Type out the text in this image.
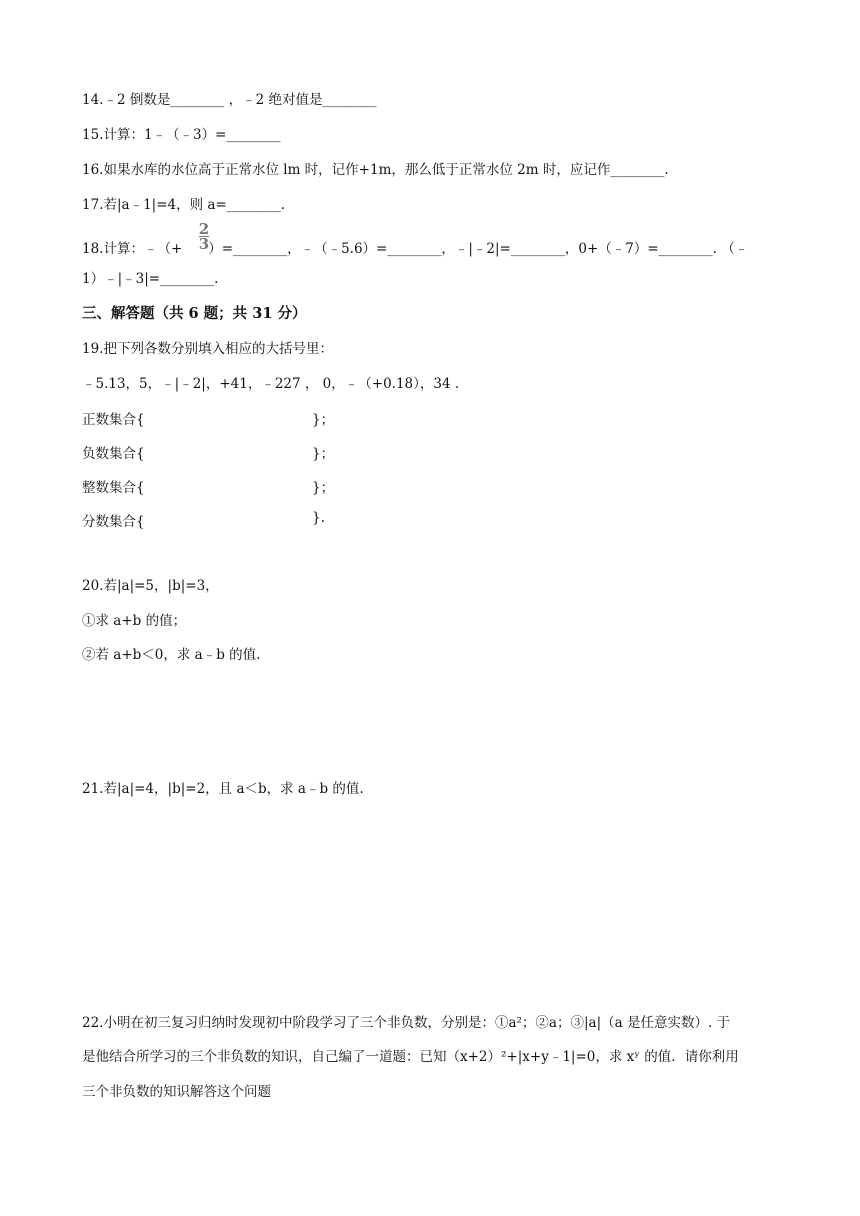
14.﹣2 倒数是________ ，﹣2 绝对值是________
15.计算：1﹣（﹣3）=________
16.如果水库的水位高于正常水位 lm 时，记作+1m，那么低于正常水位 2m 时，应记作________.
17.若|a﹣1|=4，则 a=________.
18.计算：﹣（+ ）=________，﹣（﹣5.6）=________，﹣|﹣2|=________，0+（﹣7）=________. （﹣
2
3
1）﹣|﹣3|=________.
三、解答题（共 6 题；共 31 分）
19.把下列各数分别填入相应的大括号里：
﹣5.13，5，﹣|﹣2|，+41，﹣227 ， 0，﹣（+0.18），34 .
正数集合{	}；
负数集合{	}；
整数集合{	}；
分数集合{	}.
20.若|a|=5，|b|=3，
①求 a+b 的值；
②若 a+b＜0，求 a﹣b 的值.
21.若|a|=4，|b|=2，且 a＜b，求 a﹣b 的值.
22.小明在初三复习归纳时发现初中阶段学习了三个非负数，分别是：①a²；②a；③|a|（a 是任意实数）. 于
是他结合所学习的三个非负数的知识，自己编了一道题：已知（x+2）²+|x+y﹣1|=0，求 xʸ 的值．请你利用
三个非负数的知识解答这个问题
